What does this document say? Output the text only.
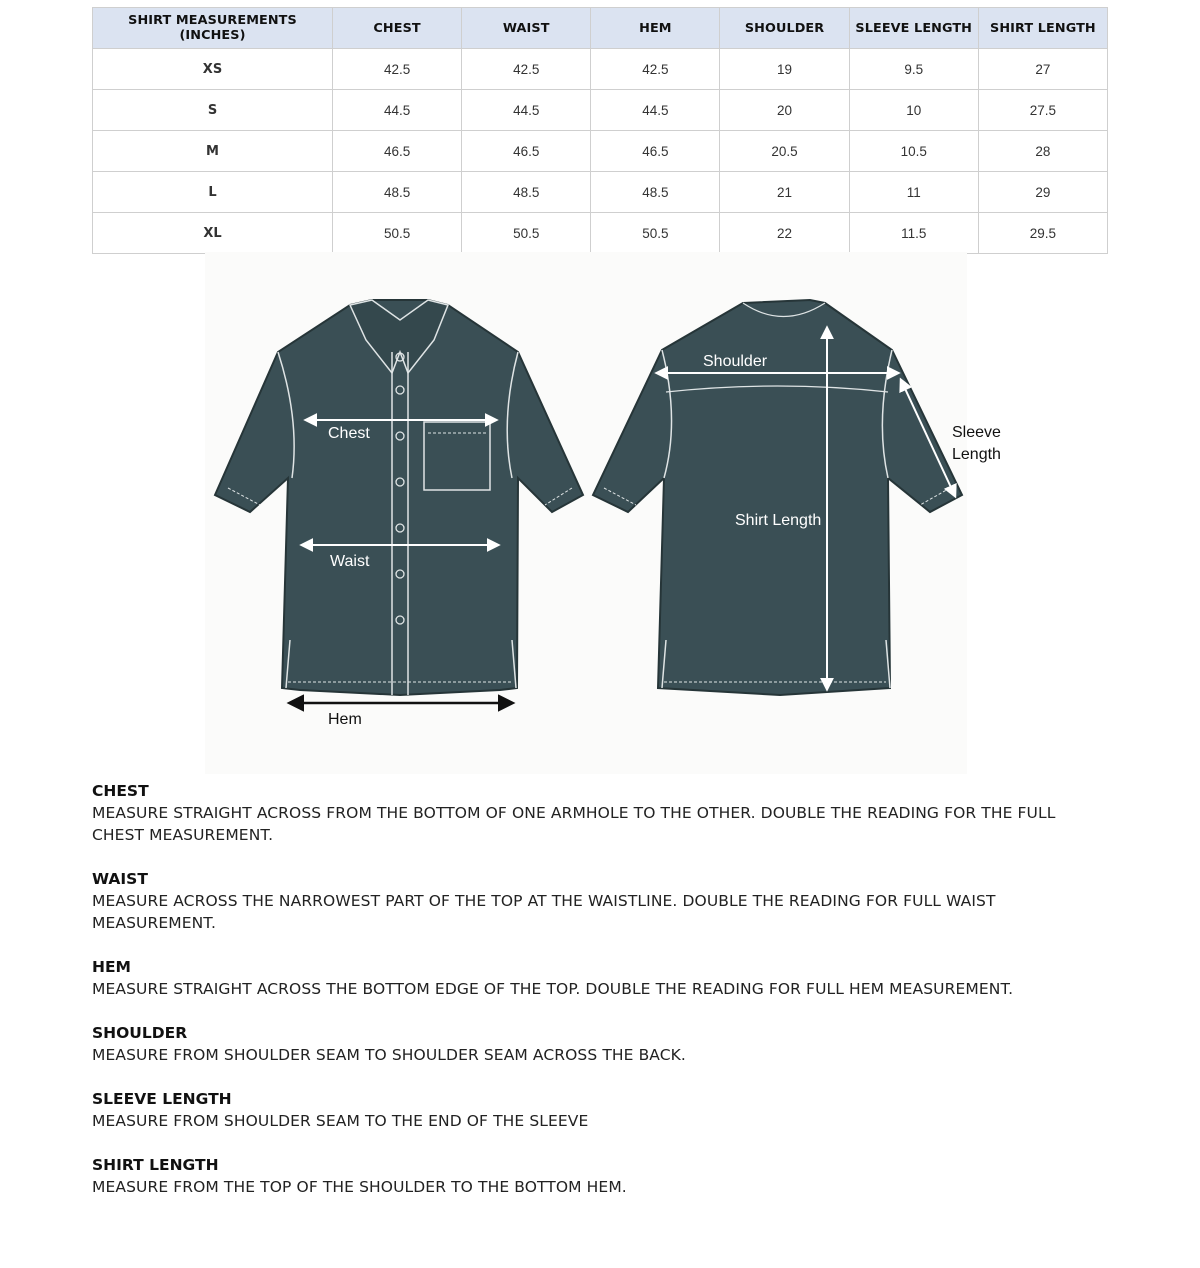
SHIRT MEASUREMENTS (INCHES)	CHEST	WAIST	HEM	SHOULDER	SLEEVE LENGTH	SHIRT LENGTH
XS	42.5	42.5	42.5	19	9.5	27
S	44.5	44.5	44.5	20	10	27.5
M	46.5	46.5	46.5	20.5	10.5	28
L	48.5	48.5	48.5	21	11	29
XL	50.5	50.5	50.5	22	11.5	29.5
Chest
Waist
Hem
Shoulder
Shirt Length
Sleeve
Length
CHEST
MEASURE STRAIGHT ACROSS FROM THE BOTTOM OF ONE ARMHOLE TO THE OTHER. DOUBLE THE READING FOR THE FULL CHEST MEASUREMENT.
WAIST
MEASURE ACROSS THE NARROWEST PART OF THE TOP AT THE WAISTLINE. DOUBLE THE READING FOR FULL WAIST MEASUREMENT.
HEM
MEASURE STRAIGHT ACROSS THE BOTTOM EDGE OF THE TOP. DOUBLE THE READING FOR FULL HEM MEASUREMENT.
SHOULDER
MEASURE FROM SHOULDER SEAM TO SHOULDER SEAM ACROSS THE BACK.
SLEEVE LENGTH
MEASURE FROM SHOULDER SEAM TO THE END OF THE SLEEVE
SHIRT LENGTH
MEASURE FROM THE TOP OF THE SHOULDER TO THE BOTTOM HEM.
